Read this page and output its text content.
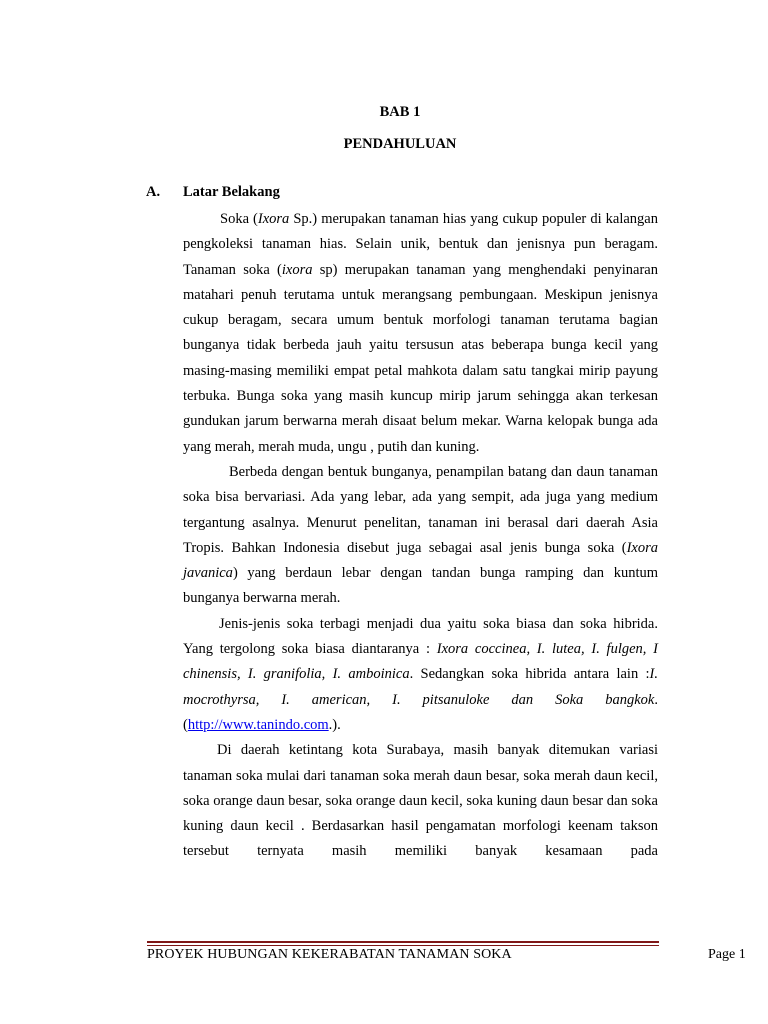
BAB 1
PENDAHULUAN
A. Latar Belakang

Soka (Ixora Sp.) merupakan tanaman hias yang cukup populer di kalangan pengkoleksi tanaman hias. Selain unik, bentuk dan jenisnya pun beragam. Tanaman soka (ixora sp) merupakan tanaman yang menghendaki penyinaran matahari penuh terutama untuk merangsang pembungaan. Meskipun jenisnya cukup beragam, secara umum bentuk morfologi tanaman terutama bagian bunganya tidak berbeda jauh yaitu tersusun atas beberapa bunga kecil yang masing-masing memiliki empat petal mahkota dalam satu tangkai mirip payung terbuka. Bunga soka yang masih kuncup mirip jarum sehingga akan terkesan gundukan jarum berwarna merah disaat belum mekar. Warna kelopak bunga ada yang merah, merah muda, ungu , putih dan kuning.

Berbeda dengan bentuk bunganya, penampilan batang dan daun tanaman soka bisa bervariasi. Ada yang lebar, ada yang sempit, ada juga yang medium tergantung asalnya. Menurut penelitan, tanaman ini berasal dari daerah Asia Tropis. Bahkan Indonesia disebut juga sebagai asal jenis bunga soka (Ixora javanica) yang berdaun lebar dengan tandan bunga ramping dan kuntum bunganya berwarna merah.

Jenis-jenis soka terbagi menjadi dua yaitu soka biasa dan soka hibrida. Yang tergolong soka biasa diantaranya : Ixora coccinea, I. lutea, I. fulgen, I chinensis, I. granifolia, I. amboinica. Sedangkan soka hibrida antara lain :I. mocrothyrsa, I. american, I. pitsanuloke dan Soka bangkok. (http://www.tanindo.com.).

Di daerah ketintang kota Surabaya, masih banyak ditemukan variasi tanaman soka mulai dari tanaman soka merah daun besar, soka merah daun kecil, soka orange daun besar, soka orange daun kecil, soka kuning daun besar dan soka kuning daun kecil . Berdasarkan hasil pengamatan morfologi keenam takson tersebut ternyata masih memiliki banyak kesamaan pada

PROYEK HUBUNGAN KEKERABATAN TANAMAN SOKA	Page 1
